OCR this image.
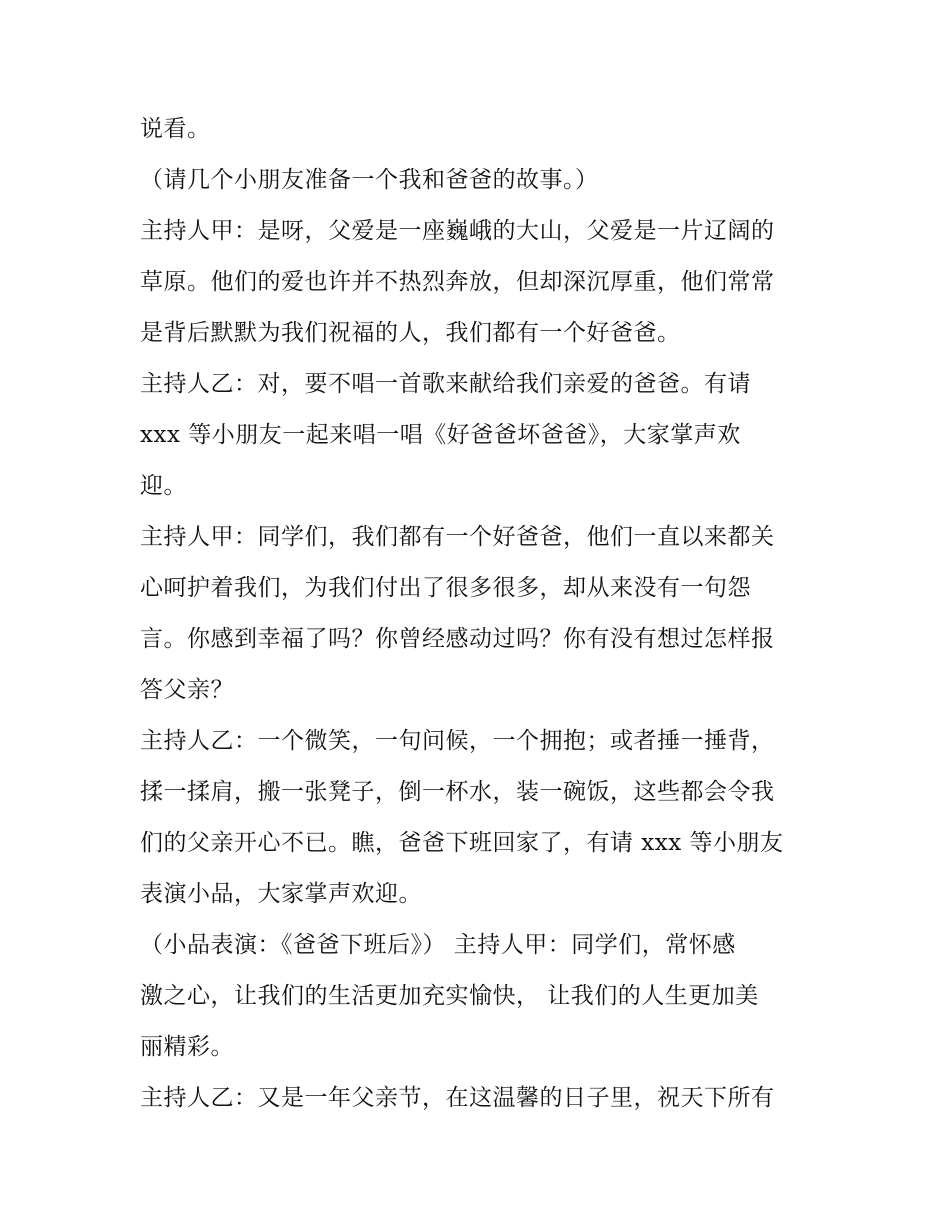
说看。
（请几个小朋友准备一个我和爸爸的故事。）
主持人甲：是呀，父爱是一座巍峨的大山，父爱是一片辽阔的
草原。他们的爱也许并不热烈奔放，但却深沉厚重，他们常常
是背后默默为我们祝福的人，我们都有一个好爸爸。
主持人乙：对，要不唱一首歌来献给我们亲爱的爸爸。有请
xxx 等小朋友一起来唱一唱《好爸爸坏爸爸》，大家掌声欢
迎。
主持人甲：同学们，我们都有一个好爸爸，他们一直以来都关
心呵护着我们，为我们付出了很多很多，却从来没有一句怨
言。你感到幸福了吗？你曾经感动过吗？你有没有想过怎样报
答父亲？
主持人乙：一个微笑，一句问候，一个拥抱；或者捶一捶背，
揉一揉肩，搬一张凳子，倒一杯水，装一碗饭，这些都会令我
们的父亲开心不已。瞧，爸爸下班回家了，有请 xxx 等小朋友
表演小品，大家掌声欢迎。
（小品表演：《爸爸下班后》） 主持人甲：同学们，常怀感
激之心，让我们的生活更加充实愉快， 让我们的人生更加美
丽精彩。
主持人乙：又是一年父亲节，在这温馨的日子里，祝天下所有
